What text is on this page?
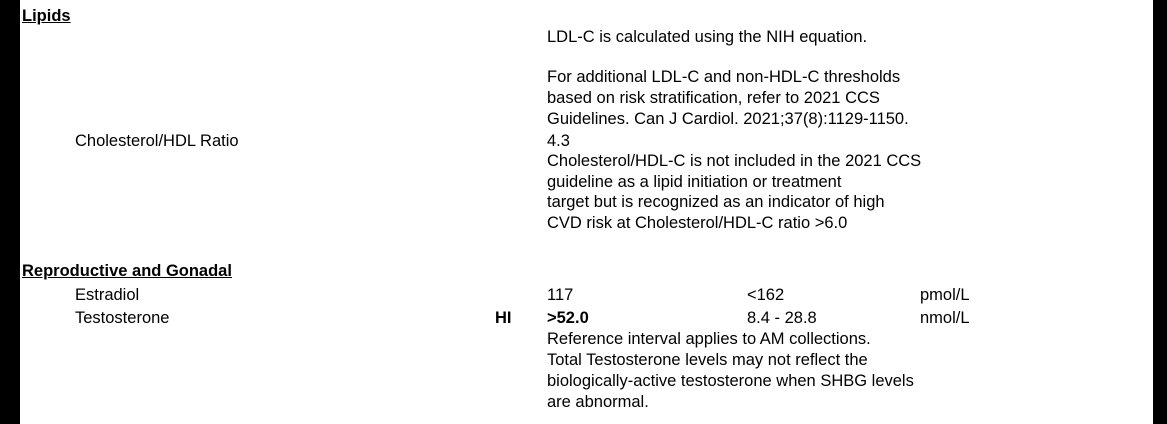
Lipids
LDL-C is calculated using the NIH equation.
For additional LDL-C and non-HDL-C thresholds
based on risk stratification, refer to 2021 CCS
Guidelines. Can J Cardiol. 2021;37(8):1129-1150.
Cholesterol/HDL Ratio	4.3
Cholesterol/HDL-C is not included in the 2021 CCS
guideline as a lipid initiation or treatment
target but is recognized as an indicator of high
CVD risk at Cholesterol/HDL-C ratio >6.0
Reproductive and Gonadal
Estradiol	117	<162	pmol/L
Testosterone	HI >52.0	8.4 - 28.8	nmol/L
Reference interval applies to AM collections.
Total Testosterone levels may not reflect the
biologically-active testosterone when SHBG levels
are abnormal.
